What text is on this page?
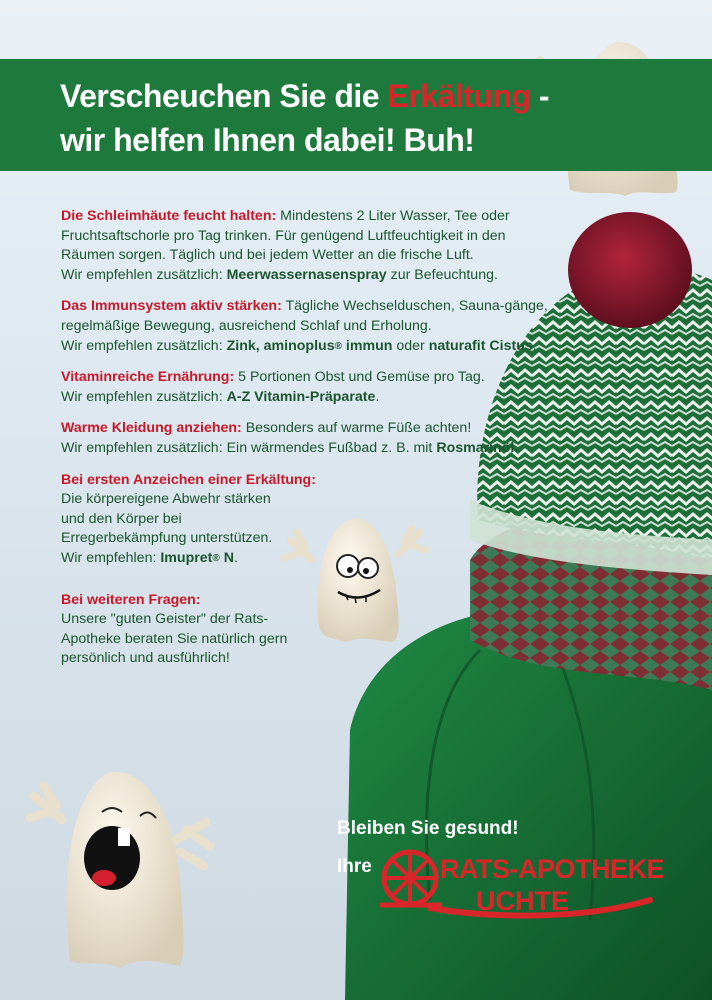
Verscheuchen Sie die Erkältung -
wir helfen Ihnen dabei! Buh!
Die Schleimhäute feucht halten: Mindestens 2 Liter Wasser, Tee oder Fruchtsaftschorle pro Tag trinken. Für genügend Luftfeuchtigkeit in den Räumen sorgen. Täglich und bei jedem Wetter an die frische Luft.
Wir empfehlen zusätzlich: Meerwassernasenspray zur Befeuchtung.
Das Immunsystem aktiv stärken: Tägliche Wechselduschen, Sauna-gänge, regelmäßige Bewegung, ausreichend Schlaf und Erholung.
Wir empfehlen zusätzlich: Zink, aminoplus® immun oder naturafit Cistus.
Vitaminreiche Ernährung: 5 Portionen Obst und Gemüse pro Tag.
Wir empfehlen zusätzlich: A-Z Vitamin-Präparate.
Warme Kleidung anziehen: Besonders auf warme Füße achten!
Wir empfehlen zusätzlich: Ein wärmendes Fußbad z. B. mit Rosmarinöl.
Bei ersten Anzeichen einer Erkältung:

Die körpereigene Abwehr stärken und den Körper bei Erregerbekämpfung unterstützen.
Wir empfehlen: Imupret® N.
Bei weiteren Fragen:

Unsere "guten Geister" der Rats-Apotheke beraten Sie natürlich gern persönlich und ausführlich!
Bleiben Sie gesund!
Ihre	RATS-APOTHEKE
UCHTE
